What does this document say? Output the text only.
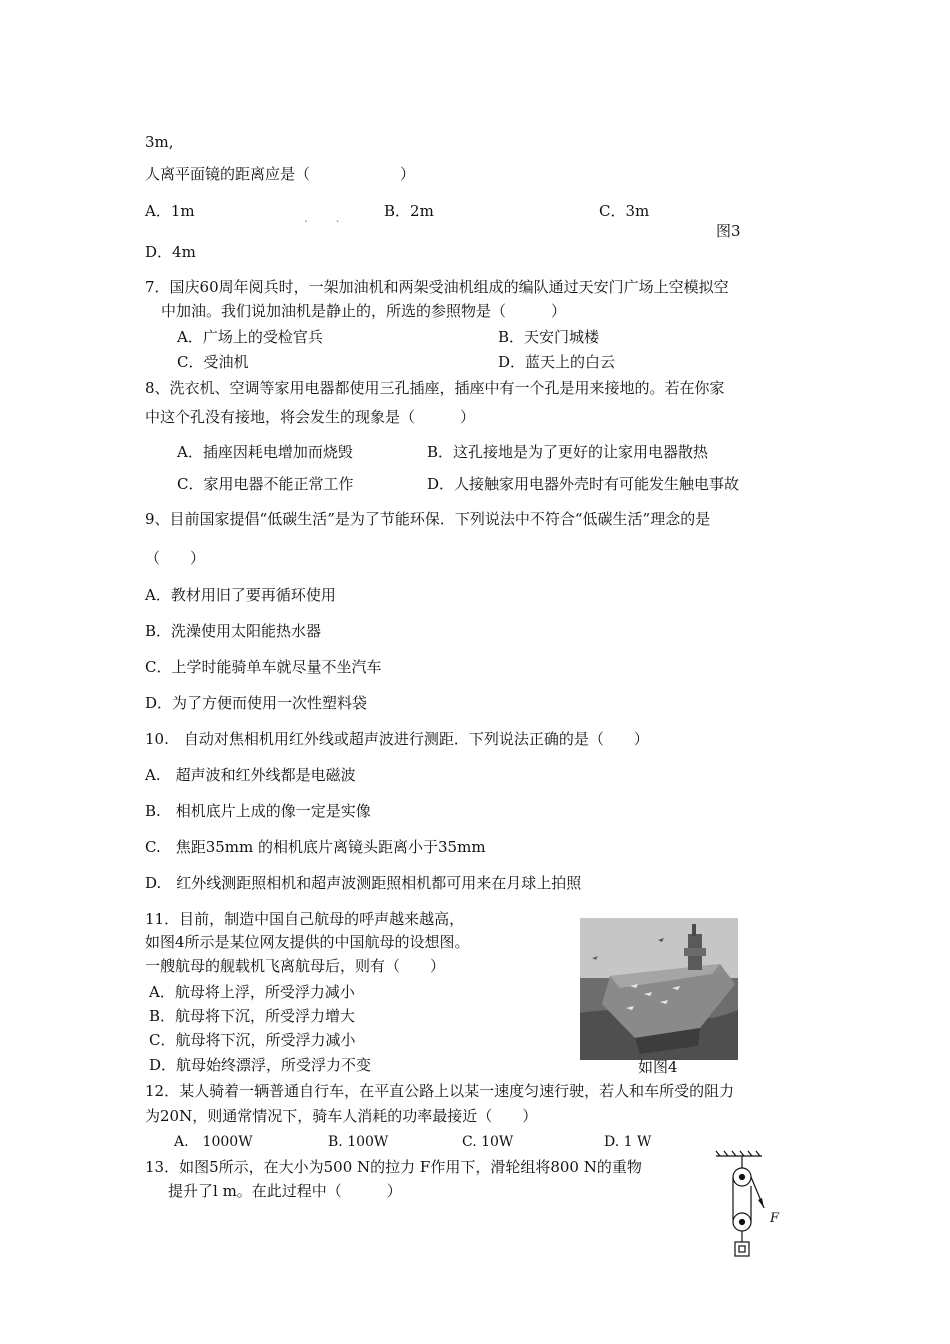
3m,
人离平面镜的距离应是（　　　　　　）
A．1m	. . B．2m	C．3m
图3
D．4m
7．国庆60周年阅兵时，一架加油机和两架受油机组成的编队通过天安门广场上空模拟空
中加油。我们说加油机是静止的，所选的参照物是（　　　）
A．广场上的受检官兵	B．天安门城楼
C．受油机	D．蓝天上的白云
8、洗衣机、空调等家用电器都使用三孔插座，插座中有一个孔是用来接地的。若在你家
中这个孔没有接地，将会发生的现象是（　　　）
A．插座因耗电增加而烧毁	B．这孔接地是为了更好的让家用电器散热
C．家用电器不能正常工作	D．人接触家用电器外壳时有可能发生触电事故
9、目前国家提倡“低碳生活”是为了节能环保．下列说法中不符合“低碳生活”理念的是
（　　）
A．教材用旧了要再循环使用
B．洗澡使用太阳能热水器
C．上学时能骑单车就尽量不坐汽车
D．为了方便而使用一次性塑料袋
10.　自动对焦相机用红外线或超声波进行测距．下列说法正确的是（　　）
A.　超声波和红外线都是电磁波
B.　相机底片上成的像一定是实像
C.　焦距35mm 的相机底片离镜头距离小于35mm
D.　红外线测距照相机和超声波测距照相机都可用来在月球上拍照
11．目前，制造中国自己航母的呼声越来越高，
如图4所示是某位网友提供的中国航母的设想图。
一艘航母的舰载机飞离航母后，则有（　　）
A．航母将上浮，所受浮力减小
B．航母将下沉，所受浮力增大
C．航母将下沉，所受浮力减小
D．航母始终漂浮，所受浮力不变	如图4
12．某人骑着一辆普通自行车，在平直公路上以某一速度匀速行驶，若人和车所受的阻力
为20N，则通常情况下，骑车人消耗的功率最接近（　　）
A.　1000W	B. 100W	C. 10W	D. 1 W
13．如图5所示，在大小为500 N的拉力 F作用下，滑轮组将800 N的重物
提升了l m。在此过程中（　　　）
F
